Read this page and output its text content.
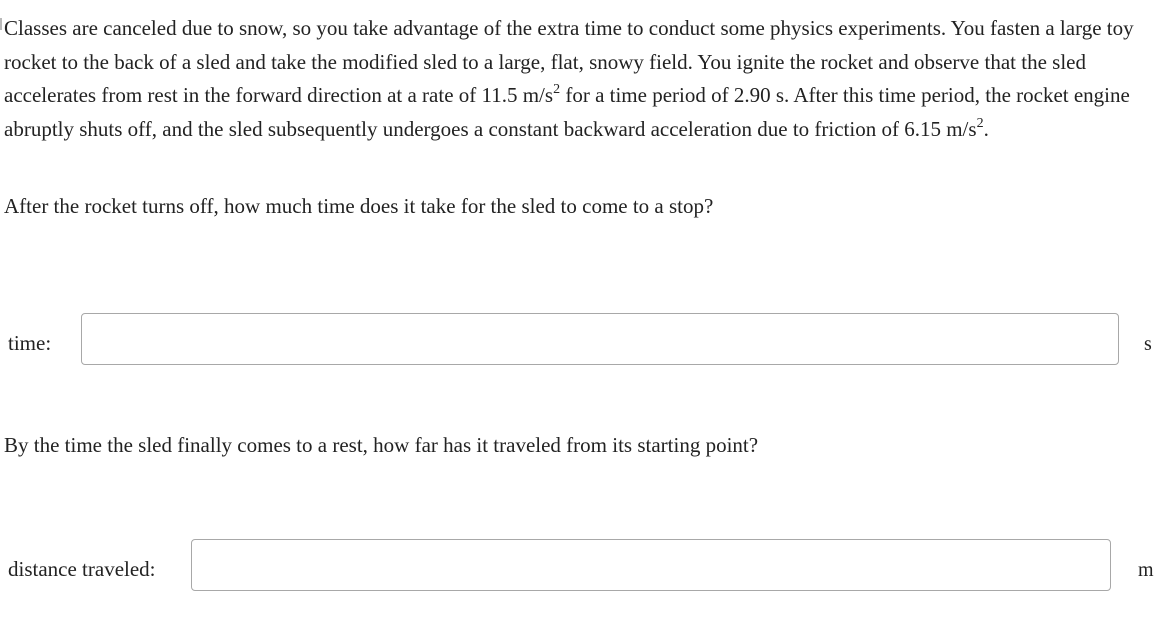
Classes are canceled due to snow, so you take advantage of the extra time to conduct some physics experiments. You fasten a large toy rocket to the back of a sled and take the modified sled to a large, flat, snowy field. You ignite the rocket and observe that the sled accelerates from rest in the forward direction at a rate of 11.5 $m/s^2$ for a time period of 2.90 s. After this time period, the rocket engine abruptly shuts off, and the sled subsequently undergoes a constant backward acceleration due to friction of 6.15 $m/s^2$.

After the rocket turns off, how much time does it take for the sled to come to a stop?

time:	s

By the time the sled finally comes to a rest, how far has it traveled from its starting point?

distance traveled:	m
